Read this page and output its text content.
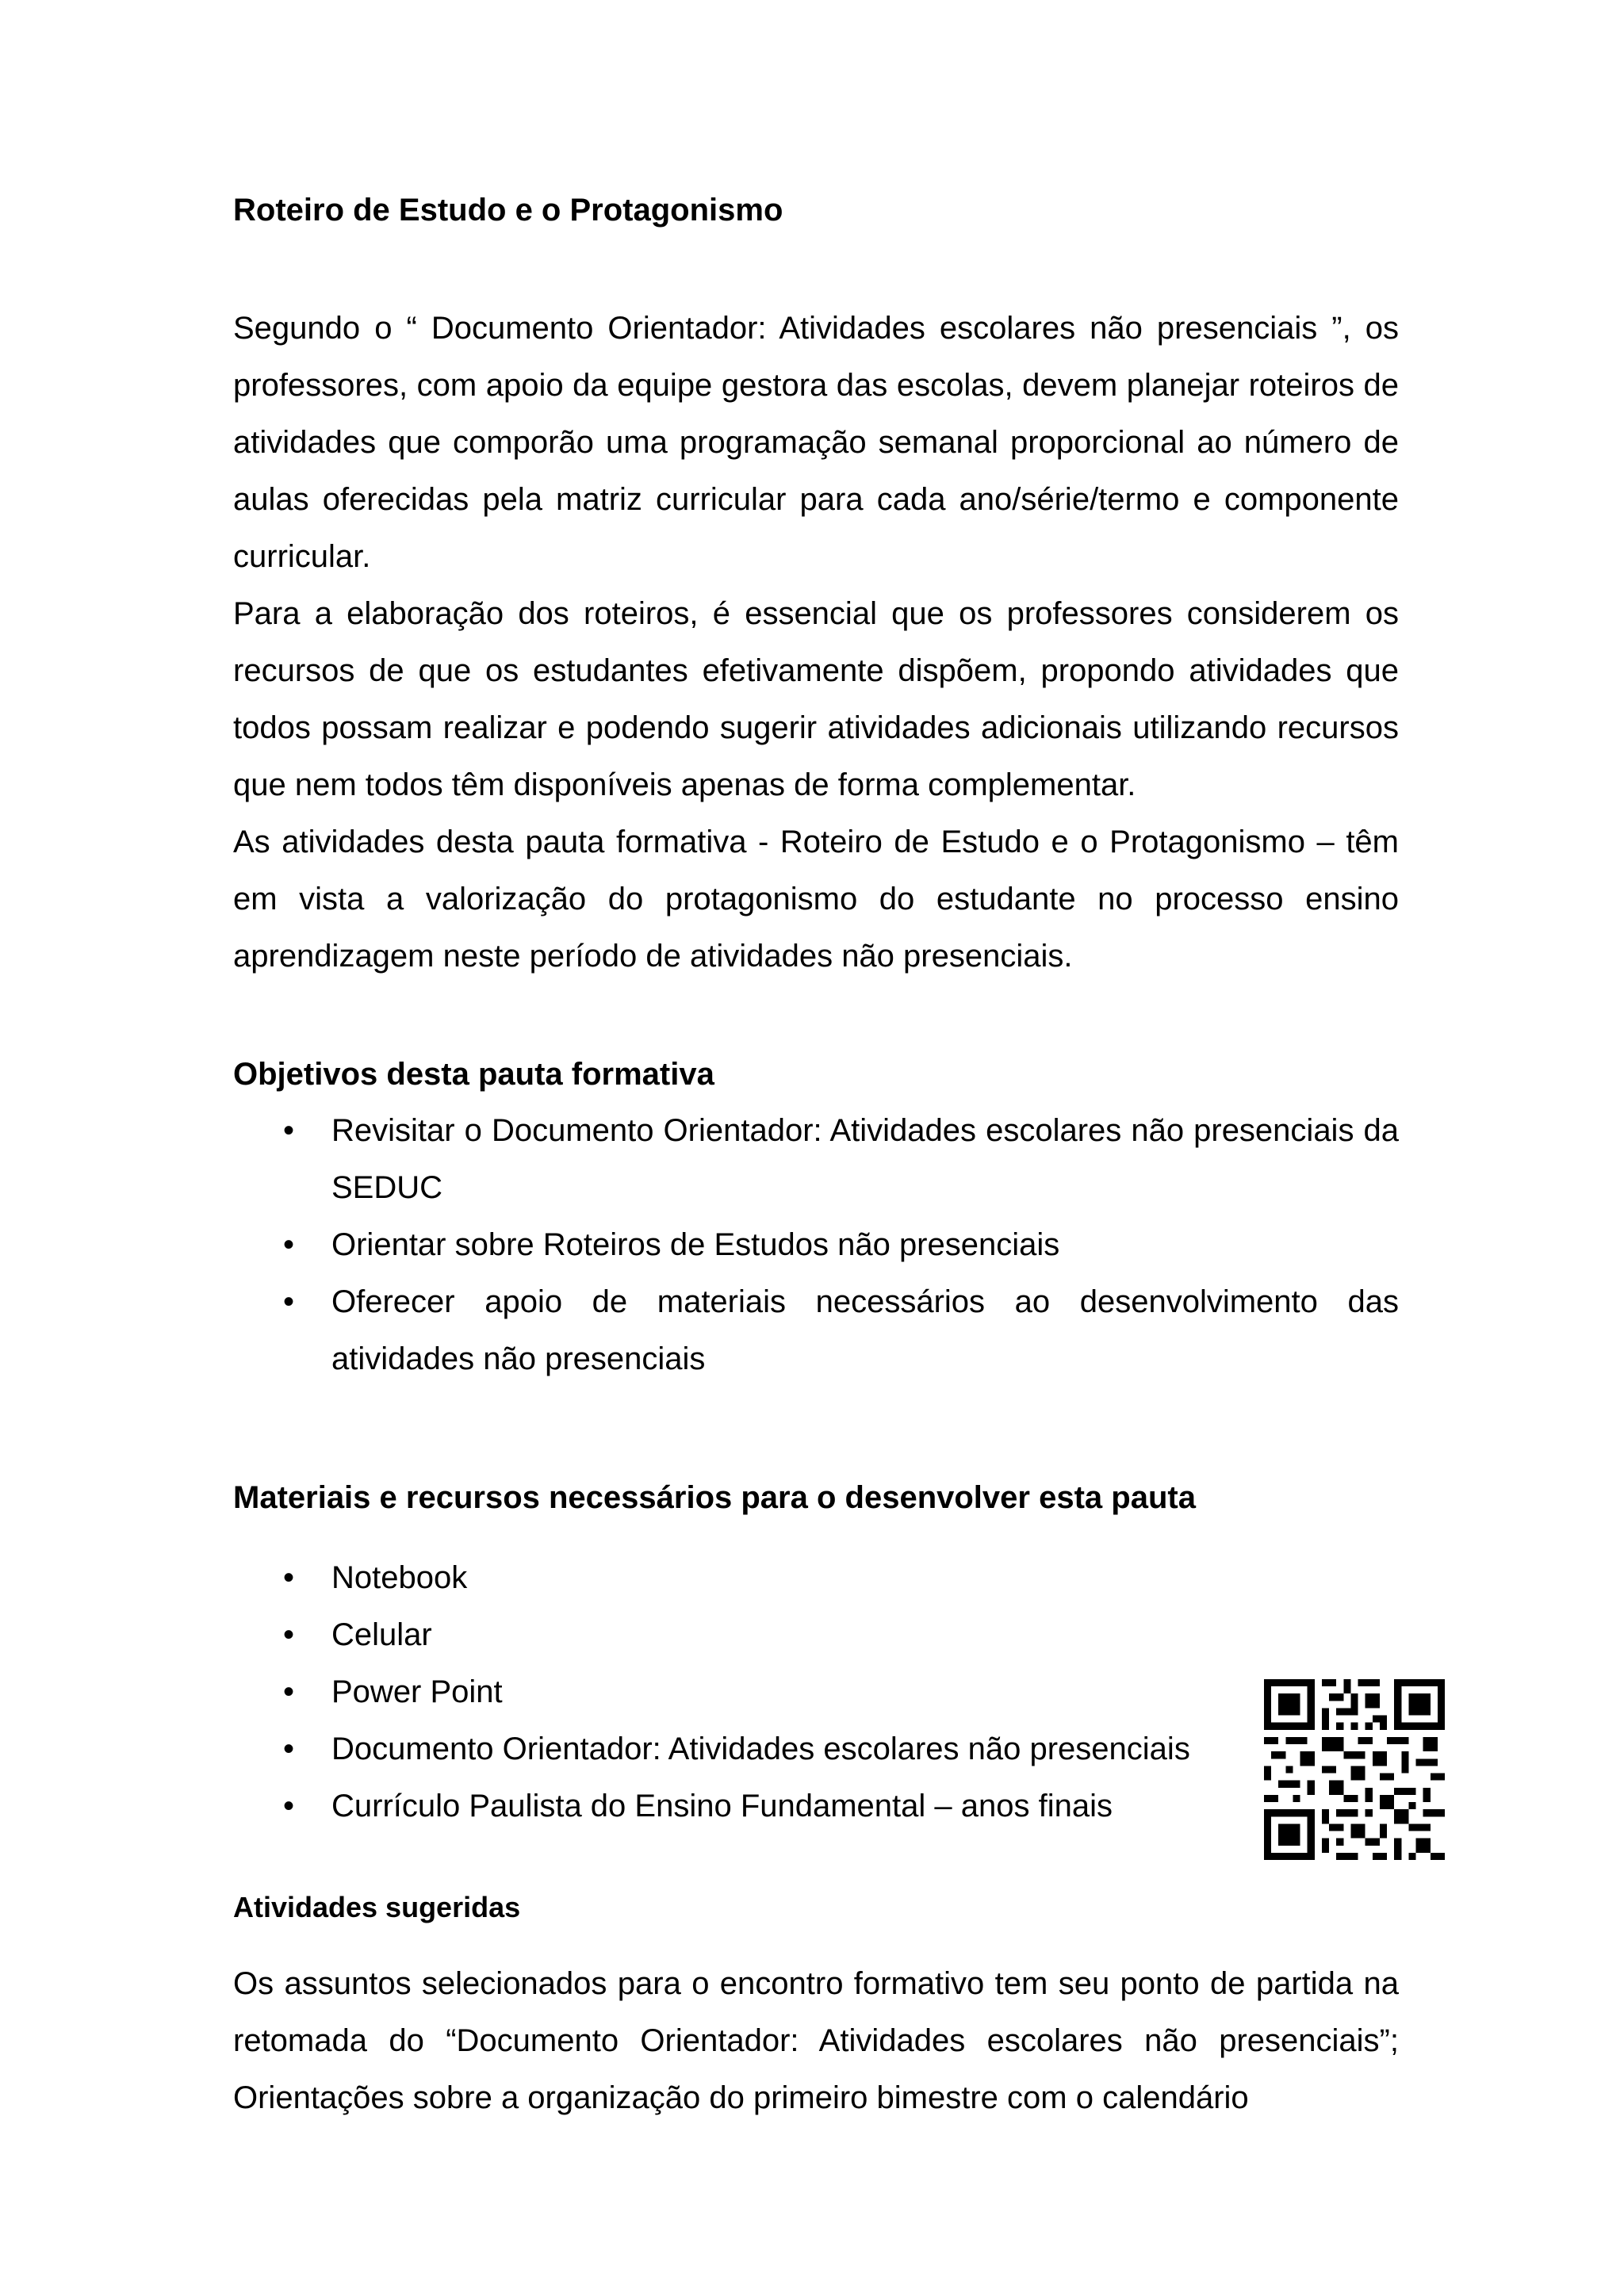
Roteiro de Estudo e o Protagonismo

Segundo o “ Documento Orientador: Atividades escolares não presenciais ”, os professores, com apoio da equipe gestora das escolas, devem planejar roteiros de atividades que comporão uma programação semanal proporcional ao número de aulas oferecidas pela matriz curricular para cada ano/série/termo e componente curricular.

Para a elaboração dos roteiros, é essencial que os professores considerem os recursos de que os estudantes efetivamente dispõem, propondo atividades que todos possam realizar e podendo sugerir atividades adicionais utilizando recursos que nem todos têm disponíveis apenas de forma complementar.

As atividades desta pauta formativa - Roteiro de Estudo e o Protagonismo – têm em vista a valorização do protagonismo do estudante no processo ensino aprendizagem neste período de atividades não presenciais.

Objetivos desta pauta formativa

•	Revisitar o Documento Orientador: Atividades escolares não presenciais da SEDUC
•	Orientar sobre Roteiros de Estudos não presenciais
•	Oferecer apoio de materiais necessários ao desenvolvimento das atividades não presenciais

Materiais e recursos necessários para o desenvolver esta pauta

•	Notebook
•	Celular
•	Power Point
•	Documento Orientador: Atividades escolares não presenciais
•	Currículo Paulista do Ensino Fundamental – anos finais

Atividades sugeridas

Os assuntos selecionados para o encontro formativo tem seu ponto de partida na retomada do “Documento Orientador: Atividades escolares não presenciais”; Orientações sobre a organização do primeiro bimestre com o calendário
